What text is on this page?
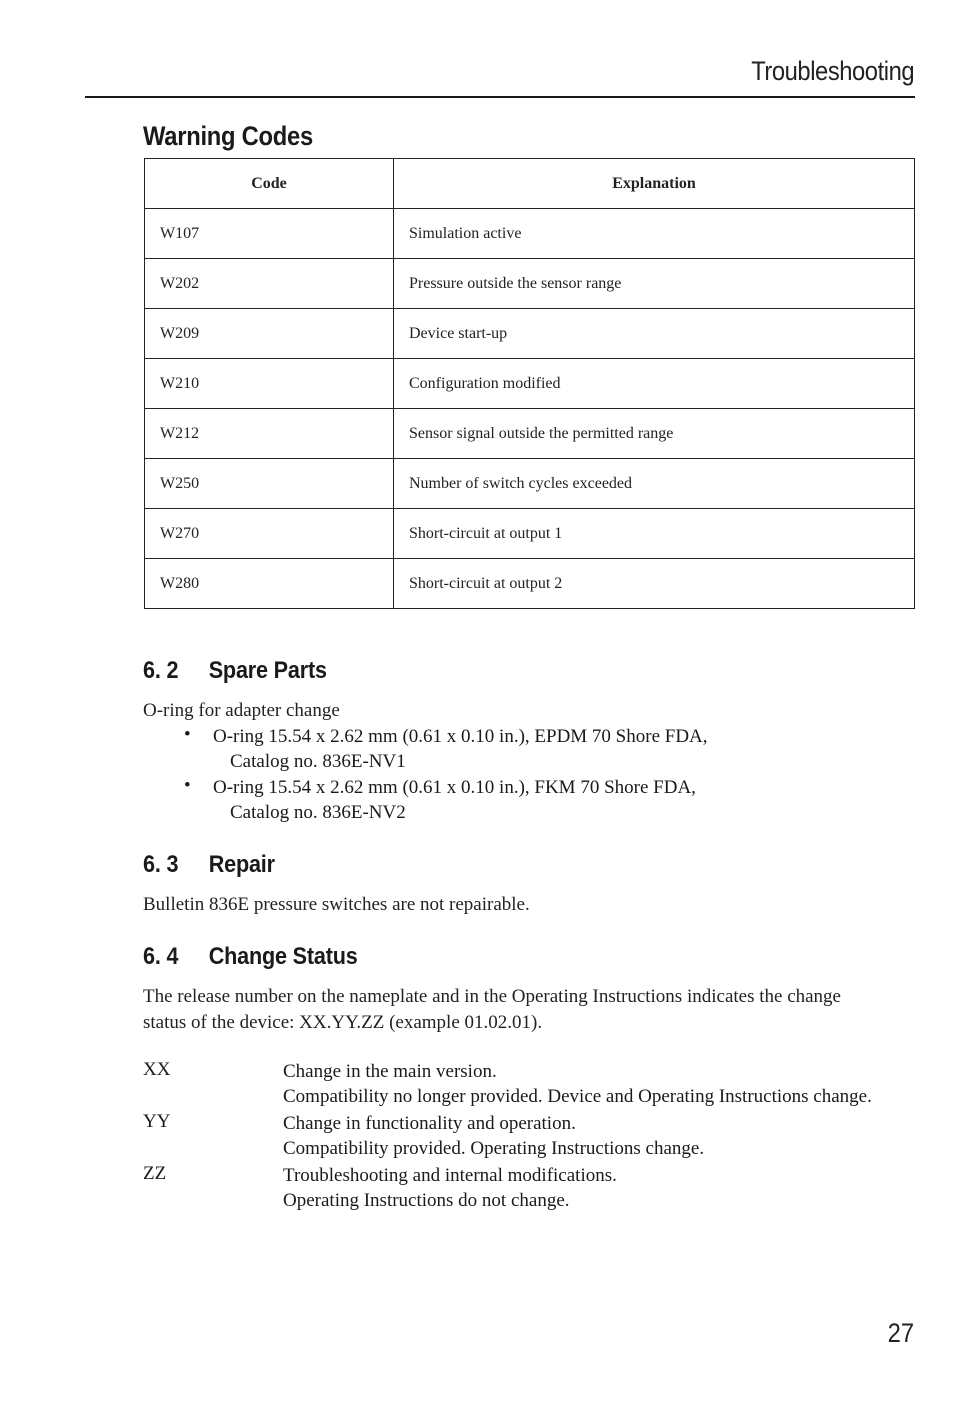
Troubleshooting
Warning Codes
Code	Explanation
W107	Simulation active
W202	Pressure outside the sensor range
W209	Device start-up
W210	Configuration modified
W212	Sensor signal outside the permitted range
W250	Number of switch cycles exceeded
W270	Short-circuit at output 1
W280	Short-circuit at output 2
6. 2 Spare Parts
O-ring for adapter change
• O-ring 15.54 x 2.62 mm (0.61 x 0.10 in.), EPDM 70 Shore FDA,
Catalog no. 836E-NV1
• O-ring 15.54 x 2.62 mm (0.61 x 0.10 in.), FKM 70 Shore FDA,
Catalog no. 836E-NV2
6. 3 Repair
Bulletin 836E pressure switches are not repairable.
6. 4 Change Status
The release number on the nameplate and in the Operating Instructions indicates the change
status of the device: XX.YY.ZZ (example 01.02.01).
XX	Change in the main version.
Compatibility no longer provided. Device and Operating Instructions change.
YY	Change in functionality and operation.
Compatibility provided. Operating Instructions change.
ZZ	Troubleshooting and internal modifications.
Operating Instructions do not change.
27
